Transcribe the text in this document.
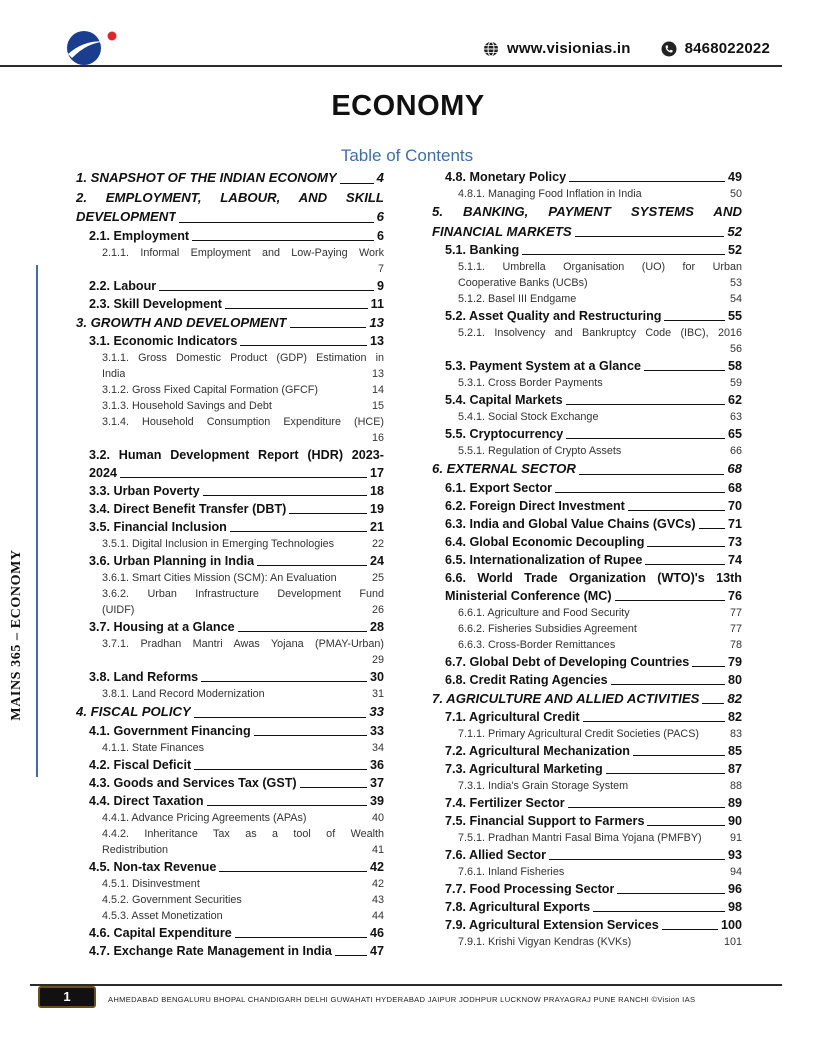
www.visionias.in	8468022022
ECONOMY
Table of Contents
MAINS 365 – ECONOMY
1. SNAPSHOT OF THE INDIAN ECONOMY	4
2. EMPLOYMENT, LABOUR, AND SKILL
DEVELOPMENT	6
2.1. Employment	6
2.1.1. Informal Employment and Low-Paying Work
7
2.2. Labour	9
2.3. Skill Development	11
3. GROWTH AND DEVELOPMENT	13
3.1. Economic Indicators	13
3.1.1. Gross Domestic Product (GDP) Estimation in
India	13
3.1.2. Gross Fixed Capital Formation (GFCF)	14
3.1.3. Household Savings and Debt	15
3.1.4. Household Consumption Expenditure (HCE)
16
3.2. Human Development Report (HDR) 2023-
2024	17
3.3. Urban Poverty	18
3.4. Direct Benefit Transfer (DBT)	19
3.5. Financial Inclusion	21
3.5.1. Digital Inclusion in Emerging Technologies	22
3.6. Urban Planning in India	24
3.6.1. Smart Cities Mission (SCM): An Evaluation	25
3.6.2. Urban Infrastructure Development Fund
(UIDF)	26
3.7. Housing at a Glance	28
3.7.1. Pradhan Mantri Awas Yojana (PMAY-Urban)
29
3.8. Land Reforms	30
3.8.1. Land Record Modernization	31
4. FISCAL POLICY	33
4.1. Government Financing	33
4.1.1. State Finances	34
4.2. Fiscal Deficit	36
4.3. Goods and Services Tax (GST)	37
4.4. Direct Taxation	39
4.4.1. Advance Pricing Agreements (APAs)	40
4.4.2. Inheritance Tax as a tool of Wealth
Redistribution	41
4.5. Non-tax Revenue	42
4.5.1. Disinvestment	42
4.5.2. Government Securities	43
4.5.3. Asset Monetization	44
4.6. Capital Expenditure	46
4.7. Exchange Rate Management in India	47
4.8. Monetary Policy	49
4.8.1. Managing Food Inflation in India	50
5. BANKING, PAYMENT SYSTEMS AND
FINANCIAL MARKETS	52
5.1. Banking	52
5.1.1. Umbrella Organisation (UO) for Urban
Cooperative Banks (UCBs)	53
5.1.2. Basel III Endgame	54
5.2. Asset Quality and Restructuring	55
5.2.1. Insolvency and Bankruptcy Code (IBC), 2016
56
5.3. Payment System at a Glance	58
5.3.1. Cross Border Payments	59
5.4. Capital Markets	62
5.4.1. Social Stock Exchange	63
5.5. Cryptocurrency	65
5.5.1. Regulation of Crypto Assets	66
6. EXTERNAL SECTOR	68
6.1. Export Sector	68
6.2. Foreign Direct Investment	70
6.3. India and Global Value Chains (GVCs)	71
6.4. Global Economic Decoupling	73
6.5. Internationalization of Rupee	74
6.6. World Trade Organization (WTO)'s 13th
Ministerial Conference (MC)	76
6.6.1. Agriculture and Food Security	77
6.6.2. Fisheries Subsidies Agreement	77
6.6.3. Cross-Border Remittances	78
6.7. Global Debt of Developing Countries	79
6.8. Credit Rating Agencies	80
7. AGRICULTURE AND ALLIED ACTIVITIES 82
7.1. Agricultural Credit	82
7.1.1. Primary Agricultural Credit Societies (PACS)	83
7.2. Agricultural Mechanization	85
7.3. Agricultural Marketing	87
7.3.1. India's Grain Storage System	88
7.4. Fertilizer Sector	89
7.5. Financial Support to Farmers	90
7.5.1. Pradhan Mantri Fasal Bima Yojana (PMFBY)	91
7.6. Allied Sector	93
7.6.1. Inland Fisheries	94
7.7. Food Processing Sector	96
7.8. Agricultural Exports	98
7.9. Agricultural Extension Services	100
7.9.1. Krishi Vigyan Kendras (KVKs)	101
1	AHMEDABAD BENGALURU BHOPAL CHANDIGARH DELHI GUWAHATI HYDERABAD JAIPUR JODHPUR LUCKNOW PRAYAGRAJ PUNE RANCHI ©Vision IAS
